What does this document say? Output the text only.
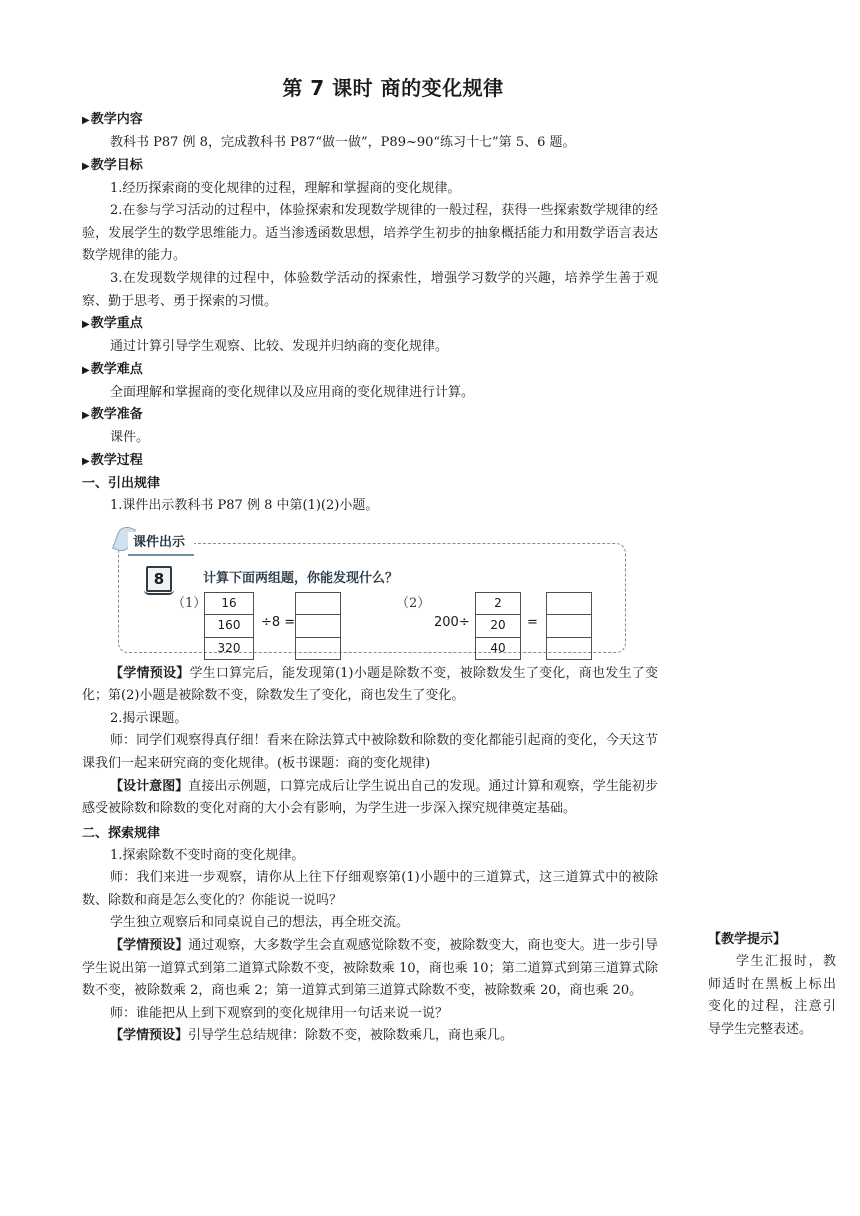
第 7 课时 商的变化规律
▶教学内容

教科书 P87 例 8，完成教科书 P87“做一做”，P89~90“练习十七”第 5、6 题。

▶教学目标

1.经历探索商的变化规律的过程，理解和掌握商的变化规律。

2.在参与学习活动的过程中，体验探索和发现数学规律的一般过程，获得一些探索数学规律的经验，发展学生的数学思维能力。适当渗透函数思想，培养学生初步的抽象概括能力和用数学语言表达数学规律的能力。

3.在发现数学规律的过程中，体验数学活动的探索性，增强学习数学的兴趣，培养学生善于观察、勤于思考、勇于探索的习惯。

▶教学重点

通过计算引导学生观察、比较、发现并归纳商的变化规律。

▶教学难点

全面理解和掌握商的变化规律以及应用商的变化规律进行计算。

▶教学准备

课件。

▶教学过程
一、引出规律

1.课件出示教科书 P87 例 8 中第(1)(2)小题。

课件出示
8	计算下面两组题，你能发现什么？
（1）	16
160
320
÷8 =
（2）
200÷
2
20
40
=

【学情预设】学生口算完后，能发现第(1)小题是除数不变，被除数发生了变化，商也发生了变化；第(2)小题是被除数不变，除数发生了变化，商也发生了变化。

2.揭示课题。

师：同学们观察得真仔细！看来在除法算式中被除数和除数的变化都能引起商的变化，今天这节课我们一起来研究商的变化规律。(板书课题：商的变化规律)

【设计意图】直接出示例题，口算完成后让学生说出自己的发现。通过计算和观察，学生能初步感受被除数和除数的变化对商的大小会有影响，为学生进一步深入探究规律奠定基础。

二、探索规律

1.探索除数不变时商的变化规律。

师：我们来进一步观察，请你从上往下仔细观察第(1)小题中的三道算式，这三道算式中的被除数、除数和商是怎么变化的？你能说一说吗？

学生独立观察后和同桌说自己的想法，再全班交流。

【学情预设】通过观察，大多数学生会直观感觉除数不变，被除数变大，商也变大。进一步引导学生说出第一道算式到第二道算式除数不变，被除数乘 10，商也乘 10；第二道算式到第三道算式除数不变，被除数乘 2，商也乘 2；第一道算式到第三道算式除数不变，被除数乘 20，商也乘 20。

师：谁能把从上到下观察到的变化规律用一句话来说一说？

【学情预设】引导学生总结规律：除数不变，被除数乘几，商也乘几。

【教学提示】
学生汇报时，教师适时在黑板上标出变化的过程，注意引导学生完整表述。
